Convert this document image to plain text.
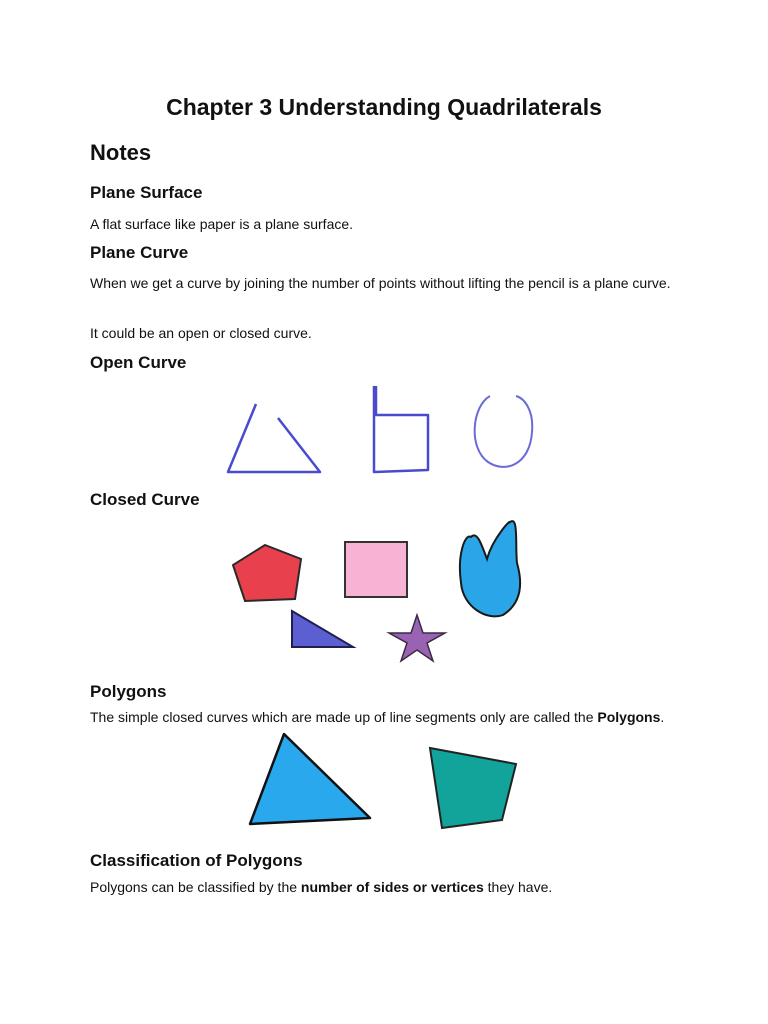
Chapter 3 Understanding Quadrilaterals
Notes
Plane Surface

A flat surface like paper is a plane surface.

Plane Curve

When we get a curve by joining the number of points without lifting the pencil is a plane curve.

It could be an open or closed curve.

Open Curve
Closed Curve
Polygons

The simple closed curves which are made up of line segments only are called the Polygons.

Classification of Polygons

Polygons can be classified by the number of sides or vertices they have.
